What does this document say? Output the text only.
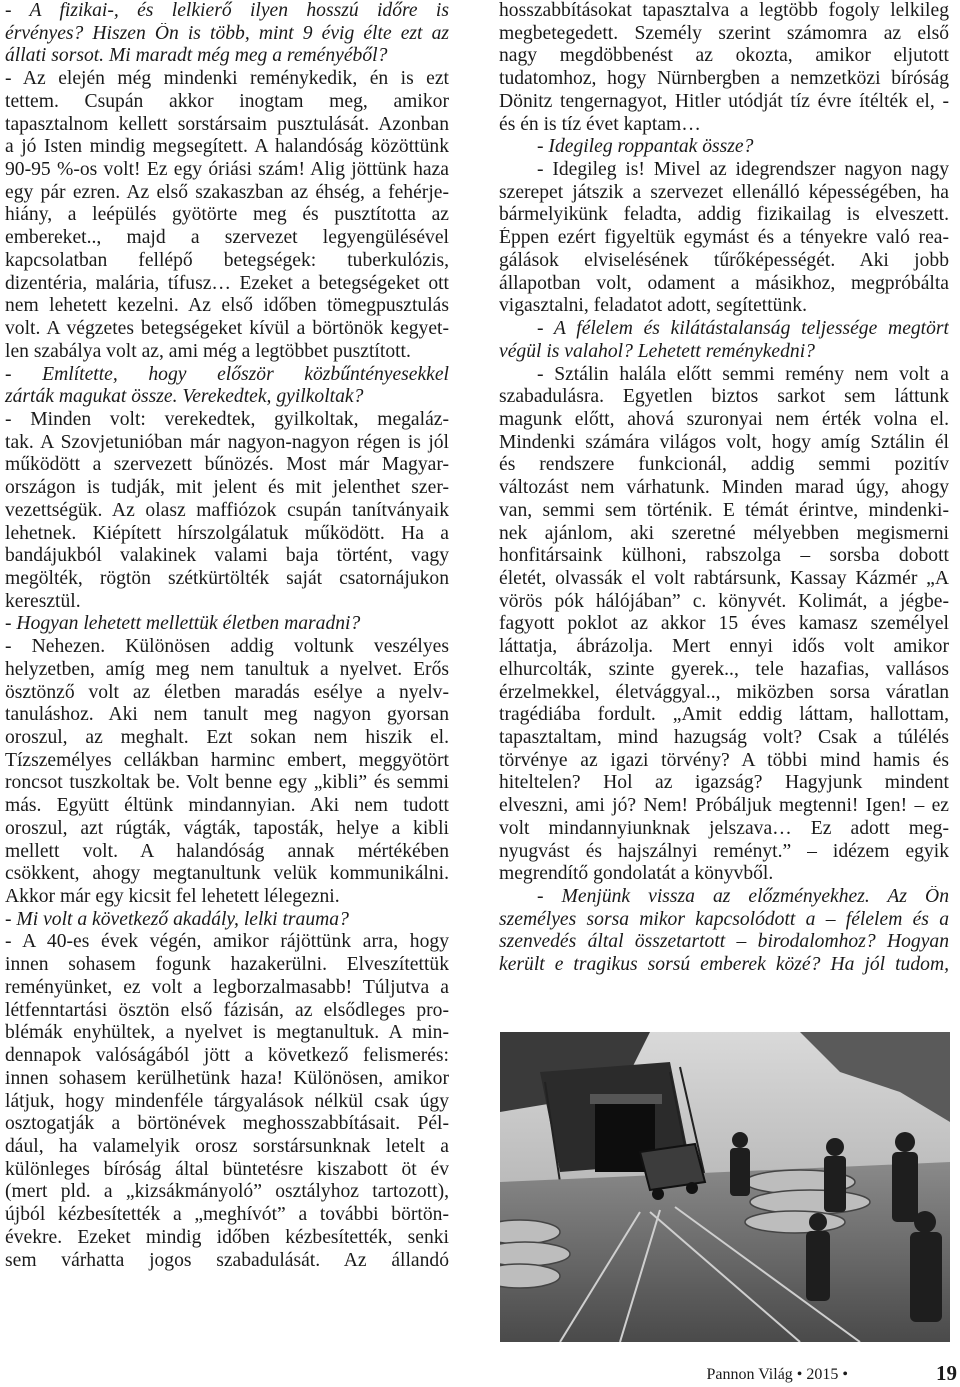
- A fizikai-, és lelkierő ilyen hosszú időre is
érvényes? Hiszen Ön is több, mint 9 évig élte ezt az
állati sorsot. Mi maradt még meg a reményéből?
- Az elején még mindenki reménykedik, én is ezt
tettem. Csupán akkor inogtam meg, amikor
tapasztalnom kellett sorstársaim pusztulását. Azonban
a jó Isten mindig megsegített. A halandóság közöttünk
90-95 %-os volt! Ez egy óriási szám! Alig jöttünk haza
egy pár ezren. Az első szakaszban az éhség, a fehérje-
hiány, a leépülés gyötörte meg és pusztította az
embereket.., majd a szervezet legyengülésével
kapcsolatban fellépő betegségek: tuberkulózis,
dizentéria, malária, tífusz… Ezeket a betegségeket ott
nem lehetett kezelni. Az első időben tömegpusztulás
volt. A végzetes betegségeket kívül a börtönök kegyet-
len szabálya volt az, ami még a legtöbbet pusztított.
- Említette, hogy először közbűntényesekkel
zárták magukat össze. Verekedtek, gyilkoltak?
- Minden volt: verekedtek, gyilkoltak, megaláz-
tak. A Szovjetunióban már nagyon-nagyon régen is jól
működött a szervezett bűnözés. Most már Magyar-
országon is tudják, mit jelent és mit jelenthet szer-
vezettségük. Az olasz maffiózok csupán tanítványaik
lehetnek. Kiépített hírszolgálatuk működött. Ha a
bandájukból valakinek valami baja történt, vagy
megölték, rögtön szétkürtölték saját csatornájukon
keresztül.
- Hogyan lehetett mellettük életben maradni?
- Nehezen. Különösen addig voltunk veszélyes
helyzetben, amíg meg nem tanultuk a nyelvet. Erős
ösztönző volt az életben maradás esélye a nyelv-
tanuláshoz. Aki nem tanult meg nagyon gyorsan
oroszul, az meghalt. Ezt sokan nem hiszik el.
Tízszemélyes cellákban harminc embert, meggyötört
roncsot tuszkoltak be. Volt benne egy „kibli” és semmi
más. Együtt éltünk mindannyian. Aki nem tudott
oroszul, azt rúgták, vágták, taposták, helye a kibli
mellett volt. A halandóság annak mértékében
csökkent, ahogy megtanultunk velük kommunikálni.
Akkor már egy kicsit fel lehetett lélegezni.
- Mi volt a következő akadály, lelki trauma?
- A 40-es évek végén, amikor rájöttünk arra, hogy
innen sohasem fogunk hazakerülni. Elveszítettük
reményünket, ez volt a legborzalmasabb! Túljutva a
létfenntartási ösztön első fázisán, az elsődleges pro-
blémák enyhültek, a nyelvet is megtanultuk. A min-
dennapok valóságából jött a következő felismerés:
innen sohasem kerülhetünk haza! Különösen, amikor
látjuk, hogy mindenféle tárgyalások nélkül csak úgy
osztogatják a börtönévek meghosszabbításait. Pél-
dául, ha valamelyik orosz sorstársunknak letelt a
különleges bíróság által büntetésre kiszabott öt év
(mert pld. a „kizsákmányoló” osztályhoz tartozott),
újból kézbesítették a „meghívót” a további börtön-
évekre. Ezeket mindig időben kézbesítették, senki
sem várhatta jogos szabadulását. Az állandó
hosszabbításokat tapasztalva a legtöbb fogoly lelkileg
megbetegedett. Személy szerint számomra az első
nagy megdöbbenést az okozta, amikor eljutott
tudatomhoz, hogy Nürnbergben a nemzetközi bíróság
Dönitz tengernagyot, Hitler utódját tíz évre ítélték el, -
és én is tíz évet kaptam…
- Idegileg roppantak össze?
- Idegileg is! Mivel az idegrendszer nagyon nagy
szerepet játszik a szervezet ellenálló képességében, ha
bármelyikünk feladta, addig fizikailag is elveszett.
Éppen ezért figyeltük egymást és a tényekre való rea-
gálások elviselésének tűrőképességét. Aki jobb
állapotban volt, odament a másikhoz, megpróbálta
vigasztalni, feladatot adott, segítettünk.
- A félelem és kilátástalanság teljessége megtört
végül is valahol? Lehetett reménykedni?
- Sztálin halála előtt semmi remény nem volt a
szabadulásra. Egyetlen biztos sarkot sem láttunk
magunk előtt, ahová szuronyai nem érték volna el.
Mindenki számára világos volt, hogy amíg Sztálin él
és rendszere funkcionál, addig semmi pozitív
változást nem várhatunk. Minden marad úgy, ahogy
van, semmi sem történik. E témát érintve, mindenki-
nek ajánlom, aki szeretné mélyebben megismerni
honfitársaink külhoni, rabszolga – sorsba dobott
életét, olvassák el volt rabtársunk, Kassay Kázmér „A
vörös pók hálójában” c. könyvét. Kolimát, a jégbe-
fagyott poklot az akkor 15 éves kamasz személyel
láttatja, ábrázolja. Mert ennyi idős volt amikor
elhurcolták, szinte gyerek.., tele hazafias, vallásos
érzelmekkel, életvággyal.., miközben sorsa váratlan
tragédiába fordult. „Amit eddig láttam, hallottam,
tapasztaltam, mind hazugság volt? Csak a túlélés
törvénye az igazi törvény? A többi mind hamis és
hiteltelen? Hol az igazság? Hagyjunk mindent
elveszni, ami jó? Nem! Próbáljuk megtenni! Igen! – ez
volt mindannyiunknak jelszava… Ez adott meg-
nyugvást és hajszálnyi reményt.” – idézem egyik
megrendítő gondolatát a könyvből.
- Menjünk vissza az előzményekhez. Az Ön
személyes sorsa mikor kapcsolódott a – félelem és a
szenvedés által összetartott – birodalomhoz? Hogyan
került e tragikus sorsú emberek közé? Ha jól tudom,
Pannon Világ • 2015 •	19
